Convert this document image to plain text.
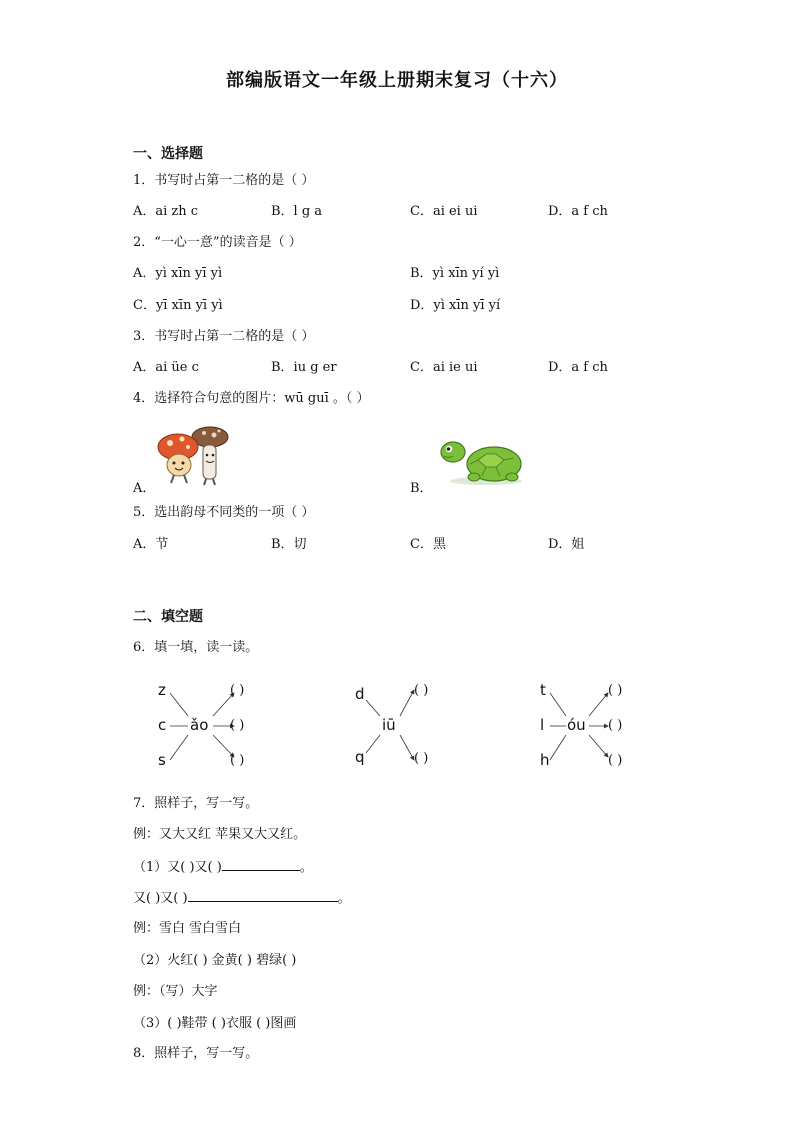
部编版语文一年级上册期末复习（十六）
一、选择题
1．书写时占第一二格的是（ ）
A．ai zh c	B．l g a	C．ai ei ui	D．a f ch
2．“一心一意”的读音是（ ）
A．yì xīn yī yì	B．yì xīn yí yì
C．yī xīn yī yì	D．yì xīn yī yí
3．书写时占第一二格的是（ ）
A．ai üe c	B．iu g er	C．ai ie ui	D．a f ch
4．选择符合句意的图片：wū guī 。（ ）
A．	B．
5．选出韵母不同类的一项（ ）
A．节	B．切	C．黑	D．姐
二、填空题
6．填一填，读一读。
z
c
s
ǎo
( )
( )
( )
d
q
iū
( )
( )
t
l
h
óu
( )
( )
( )
7．照样子，写一写。
例：又大又红 苹果又大又红。
（1）又( )又( )	。
又( )又( )	。
例：雪白 雪白雪白
（2）火红( ) 金黄( ) 碧绿( )
例：（写）大字
（3）( )鞋带 ( )衣服 ( )图画
8．照样子，写一写。
